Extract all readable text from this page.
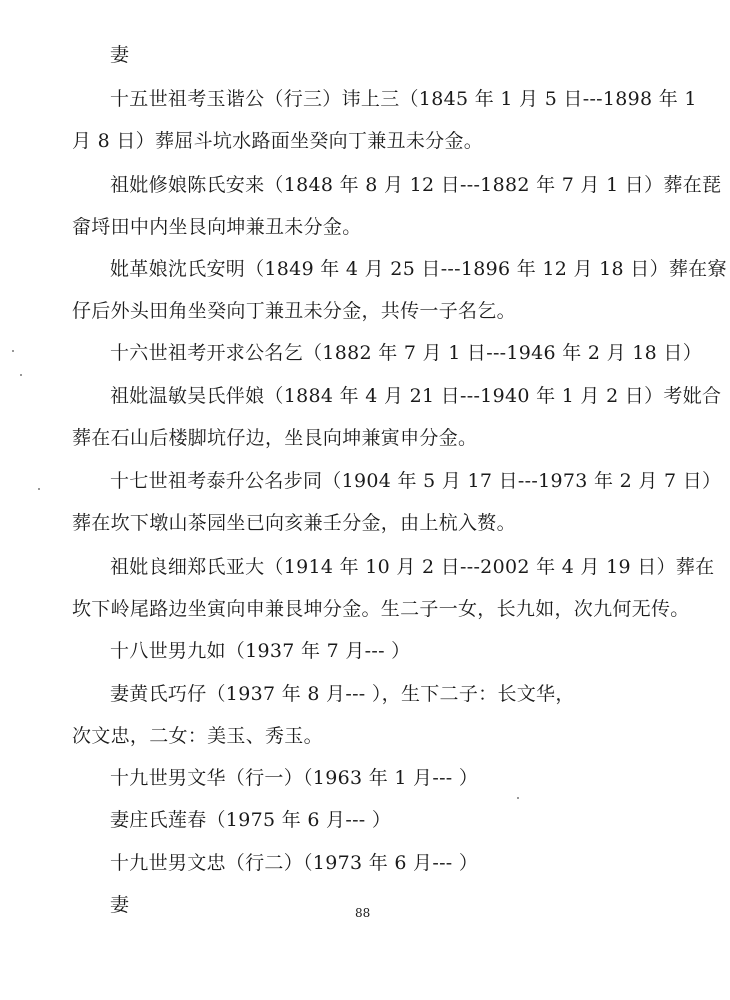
妻
十五世祖考玉谐公（行三）讳上三（1845 年 1 月 5 日---1898 年 1
月 8 日）葬屈斗坑水路面坐癸向丁兼丑未分金。
祖妣修娘陈氏安来（1848 年 8 月 12 日---1882 年 7 月 1 日）葬在琵
畲埒田中内坐艮向坤兼丑未分金。
妣革娘沈氏安明（1849 年 4 月 25 日---1896 年 12 月 18 日）葬在寮
仔后外头田角坐癸向丁兼丑未分金，共传一子名乞。
十六世祖考开求公名乞（1882 年 7 月 1 日---1946 年 2 月 18 日）
祖妣温敏吴氏伴娘（1884 年 4 月 21 日---1940 年 1 月 2 日）考妣合
葬在石山后楼脚坑仔边，坐艮向坤兼寅申分金。
十七世祖考泰升公名步同（1904 年 5 月 17 日---1973 年 2 月 7 日）
葬在坎下墩山茶园坐已向亥兼壬分金，由上杭入赘。
祖妣良细郑氏亚大（1914 年 10 月 2 日---2002 年 4 月 19 日）葬在
坎下岭尾路边坐寅向申兼艮坤分金。生二子一女，长九如，次九何无传。
十八世男九如（1937 年 7 月--- ）
妻黄氏巧仔（1937 年 8 月--- ），生下二子：长文华，
次文忠，二女：美玉、秀玉。
十九世男文华（行一）（1963 年 1 月--- ）
妻庄氏莲春（1975 年 6 月--- ）
十九世男文忠（行二）（1973 年 6 月--- ）
妻	88
